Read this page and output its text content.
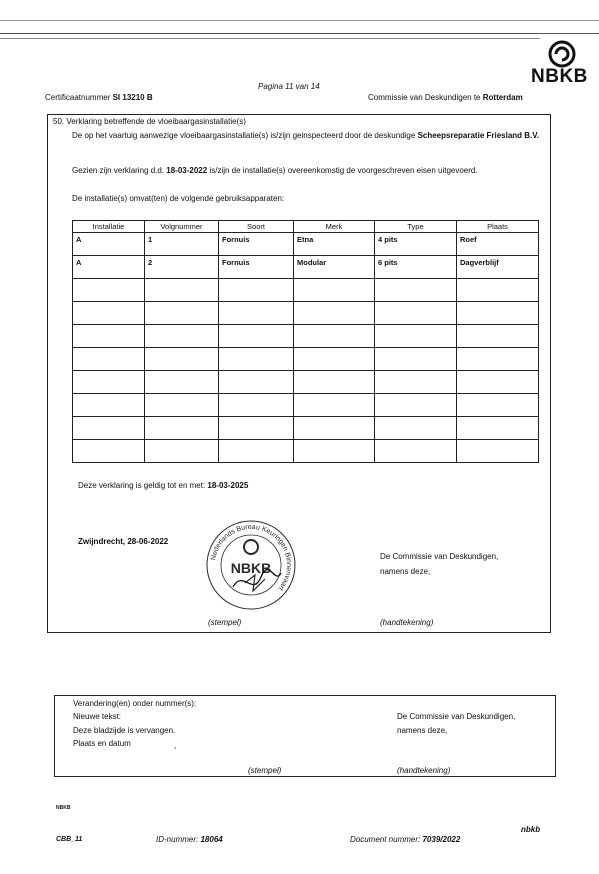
NBKB
Pagina 11 van 14
Certificaatnummer SI 13210 B	Commissie van Deskundigen te Rotterdam
50. Verklaring betreffende de vloeibaargasinstallatie(s)
De op het vaartuig aanwezige vloeibaargasinstallatie(s) is/zijn geinspecteerd door de deskundige Scheepsreparatie Friesland B.V.
Gezien zijn verklaring d.d. 18-03-2022 is/zijn de installatie(s) overeenkomstig de voorgeschreven eisen uitgevoerd.
De installatie(s) omvat(ten) de volgende gebruiksapparaten:
Installatie	Volgnummer	Soort	Merk	Type	Plaats
A	1	Fornuis	Etna	4 pits	Roef
A	2	Fornuis	Modular	6 pits	Dagverblijf

Deze verklaring is geldig tot en met: 18-03-2025
Zwijndrecht, 28-06-2022
Nederlands Bureau Keuringen Binnenvaart
NBKB
De Commissie van Deskundigen,
namens deze,
(stempel)	(handtekening)
Verandering(en) onder nummer(s):
Nieuwe tekst:
Deze bladzijde is vervangen.
Plaats en datum	,
De Commissie van Deskundigen,
namens deze,
(stempel)	(handtekening)
NBKB
CBB_11	ID-nummer: 18064	Document nummer: 7039/2022
nbkb
